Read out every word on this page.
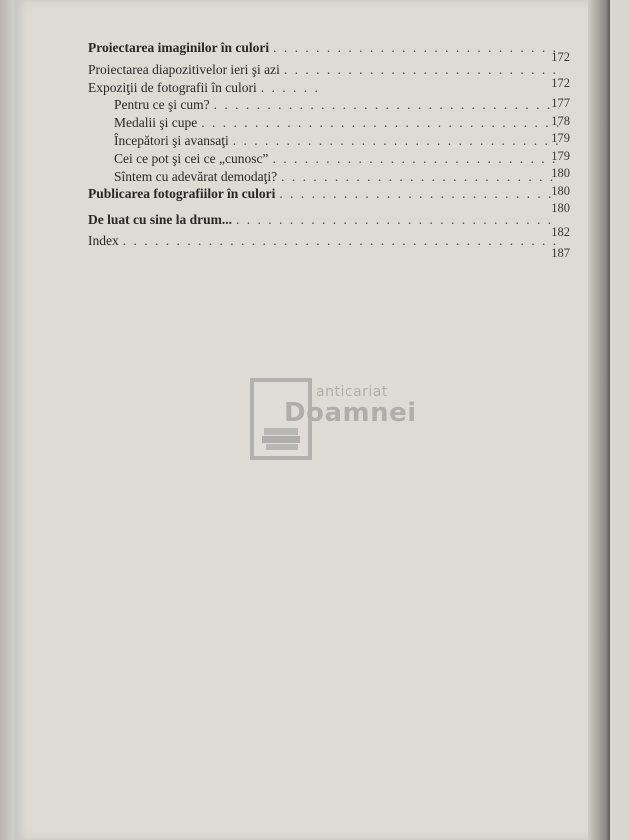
Proiectarea imaginilor în culori
. . .
Proiectarea diapozitivelor ieri şi azi
. . .
Expoziţii de fotografii în culori
. . .
Pentru ce şi cum?
. . .
Medalii şi cupe
. . .
Începători şi avansaţi
. . .
Cei ce pot şi cei ce „cunosc”
. . .
Sîntem cu adevărat demodaţi?
. . .
Publicarea fotografiilor în culori
. . .
De luat cu sine la drum...
. . .
Index
. . .
172
172
177
178
179
179
180
180
180
182
187
anticariat
Doamnei
